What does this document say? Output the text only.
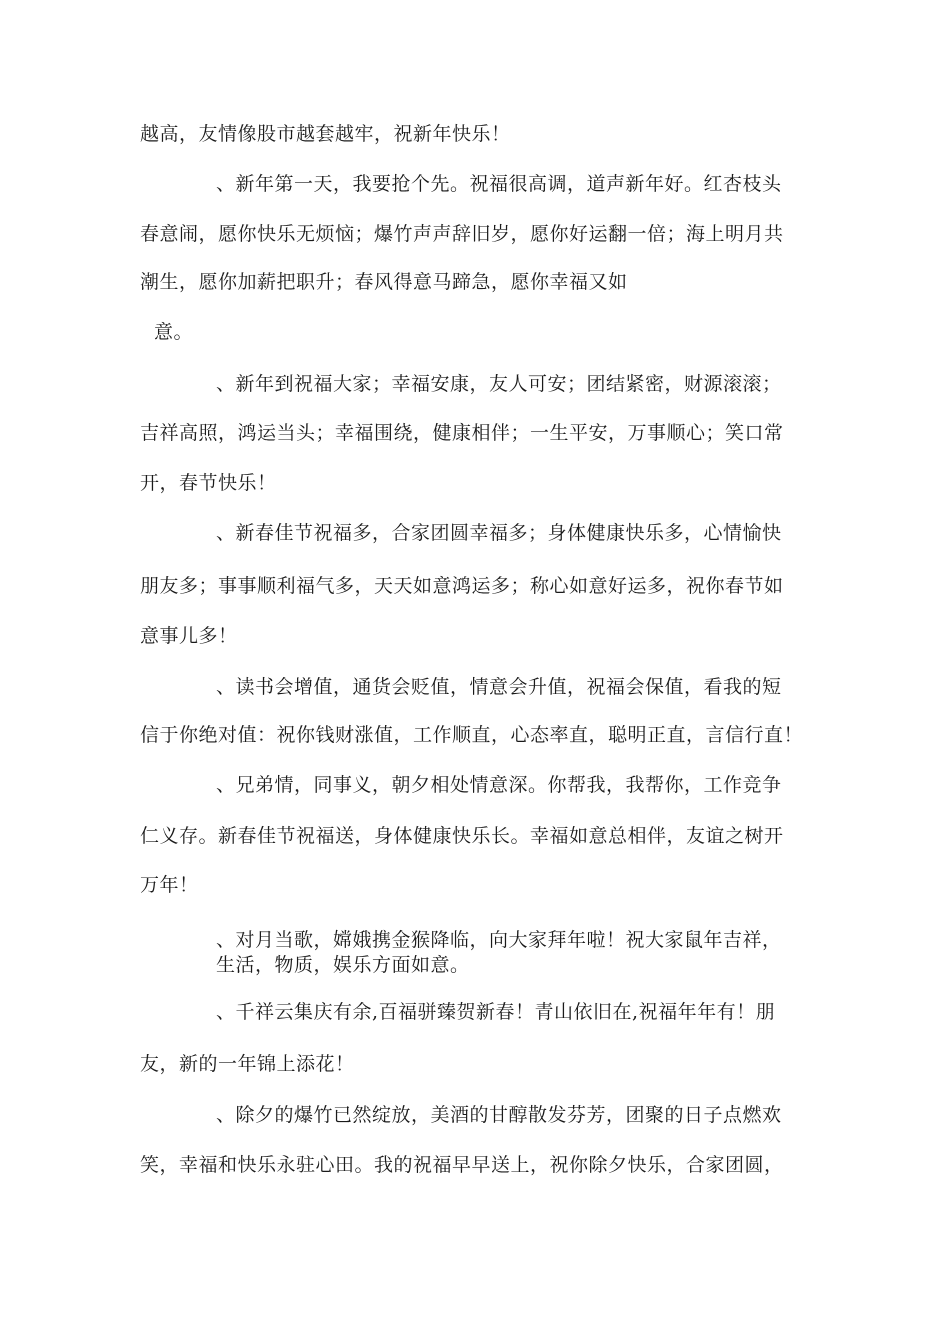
越高，友情像股市越套越牢，祝新年快乐！
、新年第一天，我要抢个先。祝福很高调，道声新年好。红杏枝头
春意闹，愿你快乐无烦恼；爆竹声声辞旧岁，愿你好运翻一倍；海上明月共
潮生，愿你加薪把职升；春风得意马蹄急，愿你幸福又如
意。
、新年到祝福大家；幸福安康，友人可安；团结紧密，财源滚滚；
吉祥高照，鸿运当头；幸福围绕，健康相伴；一生平安，万事顺心；笑口常
开，春节快乐！
、新春佳节祝福多，合家团圆幸福多；身体健康快乐多，心情愉快
朋友多；事事顺利福气多，天天如意鸿运多；称心如意好运多，祝你春节如
意事儿多！
、读书会增值，通货会贬值，情意会升值，祝福会保值，看我的短
信于你绝对值：祝你钱财涨值，工作顺直，心态率直，聪明正直，言信行直！
、兄弟情，同事义，朝夕相处情意深。你帮我，我帮你，工作竞争
仁义存。新春佳节祝福送，身体健康快乐长。幸福如意总相伴，友谊之树开
万年！
、对月当歌，嫦娥携金猴降临，向大家拜年啦！祝大家鼠年吉祥，
生活，物质，娱乐方面如意。
、千祥云集庆有余,百福骈臻贺新春！青山依旧在,祝福年年有！朋
友，新的一年锦上添花！
、除夕的爆竹已然绽放，美酒的甘醇散发芬芳，团聚的日子点燃欢
笑，幸福和快乐永驻心田。我的祝福早早送上，祝你除夕快乐，合家团圆，
